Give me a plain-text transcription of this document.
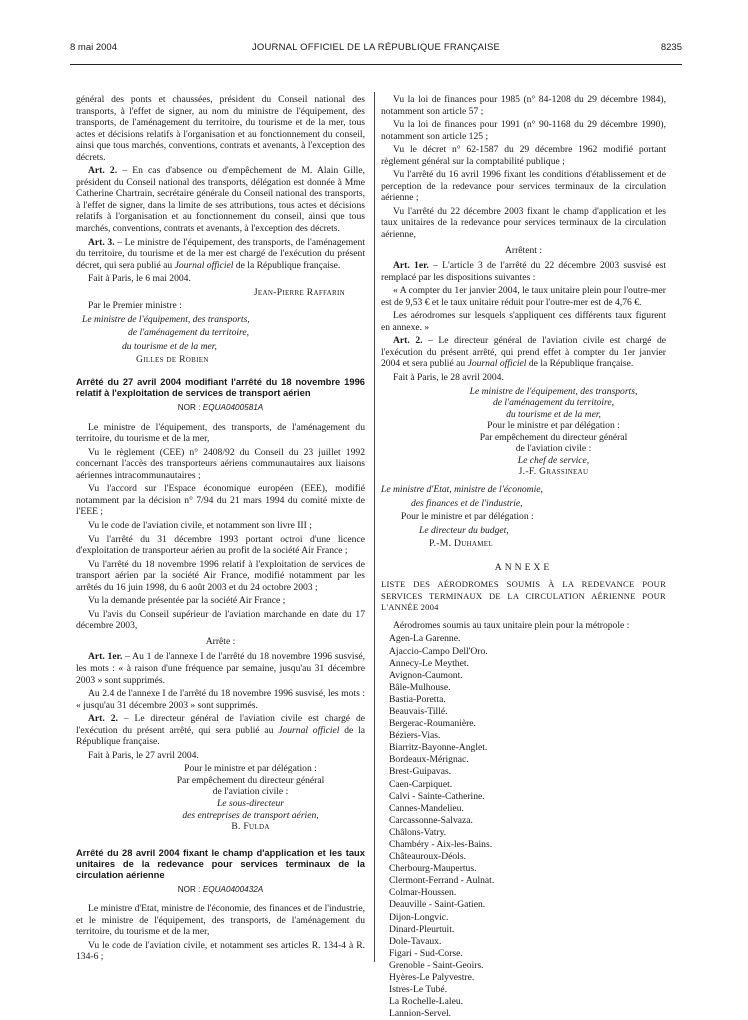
8 mai 2004	JOURNAL OFFICIEL DE LA RÉPUBLIQUE FRANÇAISE	8235

général des ponts et chaussées, président du Conseil national des transports, à l'effet de signer, au nom du ministre de l'équipement, des transports, de l'aménagement du territoire, du tourisme et de la mer, tous actes et décisions relatifs à l'organisation et au fonctionnement du conseil, ainsi que tous marchés, conventions, contrats et avenants, à l'exception des décrets.

Art. 2. – En cas d'absence ou d'empêchement de M. Alain Gille, président du Conseil national des transports, délégation est donnée à Mme Catherine Chartrain, secrétaire générale du Conseil national des transports, à l'effet de signer, dans la limite de ses attributions, tous actes et décisions relatifs à l'organisation et au fonctionnement du conseil, ainsi que tous marchés, conventions, contrats et avenants, à l'exception des décrets.

Art. 3. – Le ministre de l'équipement, des transports, de l'aménagement du territoire, du tourisme et de la mer est chargé de l'exécution du présent décret, qui sera publié au Journal officiel de la République française.

Fait à Paris, le 6 mai 2004.

Jean-Pierre Raffarin

Par le Premier ministre :

Le ministre de l'équipement, des transports,

de l'aménagement du territoire,

du tourisme et de la mer,

Gilles de Robien

Arrêté du 27 avril 2004 modifiant l'arrêté du 18 novembre 1996 relatif à l'exploitation de services de transport aérien

NOR : EQUA0400581A

Le ministre de l'équipement, des transports, de l'aménagement du territoire, du tourisme et de la mer,

Vu le règlement (CEE) n° 2408/92 du Conseil du 23 juillet 1992 concernant l'accès des transporteurs aériens communautaires aux liaisons aériennes intracommunautaires ;

Vu l'accord sur l'Espace économique européen (EEE), modifié notamment par la décision n° 7/94 du 21 mars 1994 du comité mixte de l'EEE ;

Vu le code de l'aviation civile, et notamment son livre III ;

Vu l'arrêté du 31 décembre 1993 portant octroi d'une licence d'exploitation de transporteur aérien au profit de la société Air France ;

Vu l'arrêté du 18 novembre 1996 relatif à l'exploitation de services de transport aérien par la société Air France, modifié notamment par les arrêtés du 16 juin 1998, du 6 août 2003 et du 24 octobre 2003 ;

Vu la demande présentée par la société Air France ;

Vu l'avis du Conseil supérieur de l'aviation marchande en date du 17 décembre 2003,

Arrête :

Art. 1er. – Au 1 de l'annexe I de l'arrêté du 18 novembre 1996 susvisé, les mots : « à raison d'une fréquence par semaine, jusqu'au 31 décembre 2003 » sont supprimés.

Au 2.4 de l'annexe I de l'arrêté du 18 novembre 1996 susvisé, les mots : « jusqu'au 31 décembre 2003 » sont supprimés.

Art. 2. – Le directeur général de l'aviation civile est chargé de l'exécution du présent arrêté, qui sera publié au Journal officiel de la République française.

Fait à Paris, le 27 avril 2004.

Pour le ministre et par délégation :

Par empêchement du directeur général

de l'aviation civile :

Le sous-directeur

des entreprises de transport aérien,

B. Fulda

Arrêté du 28 avril 2004 fixant le champ d'application et les taux unitaires de la redevance pour services terminaux de la circulation aérienne

NOR : EQUA0400432A

Le ministre d'Etat, ministre de l'économie, des finances et de l'industrie, et le ministre de l'équipement, des transports, de l'aménagement du territoire, du tourisme et de la mer,

Vu le code de l'aviation civile, et notamment ses articles R. 134-4 à R. 134-6 ;

Vu la loi de finances pour 1985 (n° 84-1208 du 29 décembre 1984), notamment son article 57 ;

Vu la loi de finances pour 1991 (n° 90-1168 du 29 décembre 1990), notamment son article 125 ;

Vu le décret n° 62-1587 du 29 décembre 1962 modifié portant règlement général sur la comptabilité publique ;

Vu l'arrêté du 16 avril 1996 fixant les conditions d'établissement et de perception de la redevance pour services terminaux de la circulation aérienne ;

Vu l'arrêté du 22 décembre 2003 fixant le champ d'application et les taux unitaires de la redevance pour services terminaux de la circulation aérienne,

Arrêtent :

Art. 1er. – L'article 3 de l'arrêté du 22 décembre 2003 susvisé est remplacé par les dispositions suivantes :

« A compter du 1er janvier 2004, le taux unitaire plein pour l'outre-mer est de 9,53 € et le taux unitaire réduit pour l'outre-mer est de 4,76 €.

Les aérodromes sur lesquels s'appliquent ces différents taux figurent en annexe. »

Art. 2. – Le directeur général de l'aviation civile est chargé de l'exécution du présent arrêté, qui prend effet à compter du 1er janvier 2004 et sera publié au Journal officiel de la République française.

Fait à Paris, le 28 avril 2004.

Le ministre de l'équipement, des transports,

de l'aménagement du territoire,

du tourisme et de la mer,

Pour le ministre et par délégation :

Par empêchement du directeur général

de l'aviation civile :

Le chef de service,

J.-F. Grassineau

Le ministre d'Etat, ministre de l'économie,

des finances et de l'industrie,

Pour le ministre et par délégation :

Le directeur du budget,

P.-M. Duhamel

ANNEXE

LISTE DES AÉRODROMES SOUMIS À LA REDEVANCE POUR SERVICES TERMINAUX DE LA CIRCULATION AÉRIENNE POUR L'ANNÉE 2004

Aérodromes soumis au taux unitaire plein pour la métropole :

Agen-La Garenne.
Ajaccio-Campo Dell'Oro.
Annecy-Le Meythet.
Avignon-Caumont.
Bâle-Mulhouse.
Bastia-Poretta.
Beauvais-Tillé.
Bergerac-Roumanière.
Béziers-Vias.
Biarritz-Bayonne-Anglet.
Bordeaux-Mérignac.
Brest-Guipavas.
Caen-Carpiquet.
Calvi - Sainte-Catherine.
Cannes-Mandelieu.
Carcassonne-Salvaza.
Châlons-Vatry.
Chambéry - Aix-les-Bains.
Châteauroux-Déols.
Cherbourg-Maupertus.
Clermont-Ferrand - Aulnat.
Colmar-Houssen.
Deauville - Saint-Gatien.
Dijon-Longvic.
Dinard-Pleurtuit.
Dole-Tavaux.
Figari - Sud-Corse.
Grenoble - Saint-Geoirs.
Hyères-Le Palyvestre.
Istres-Le Tubé.
La Rochelle-Laleu.
Lannion-Servel.
